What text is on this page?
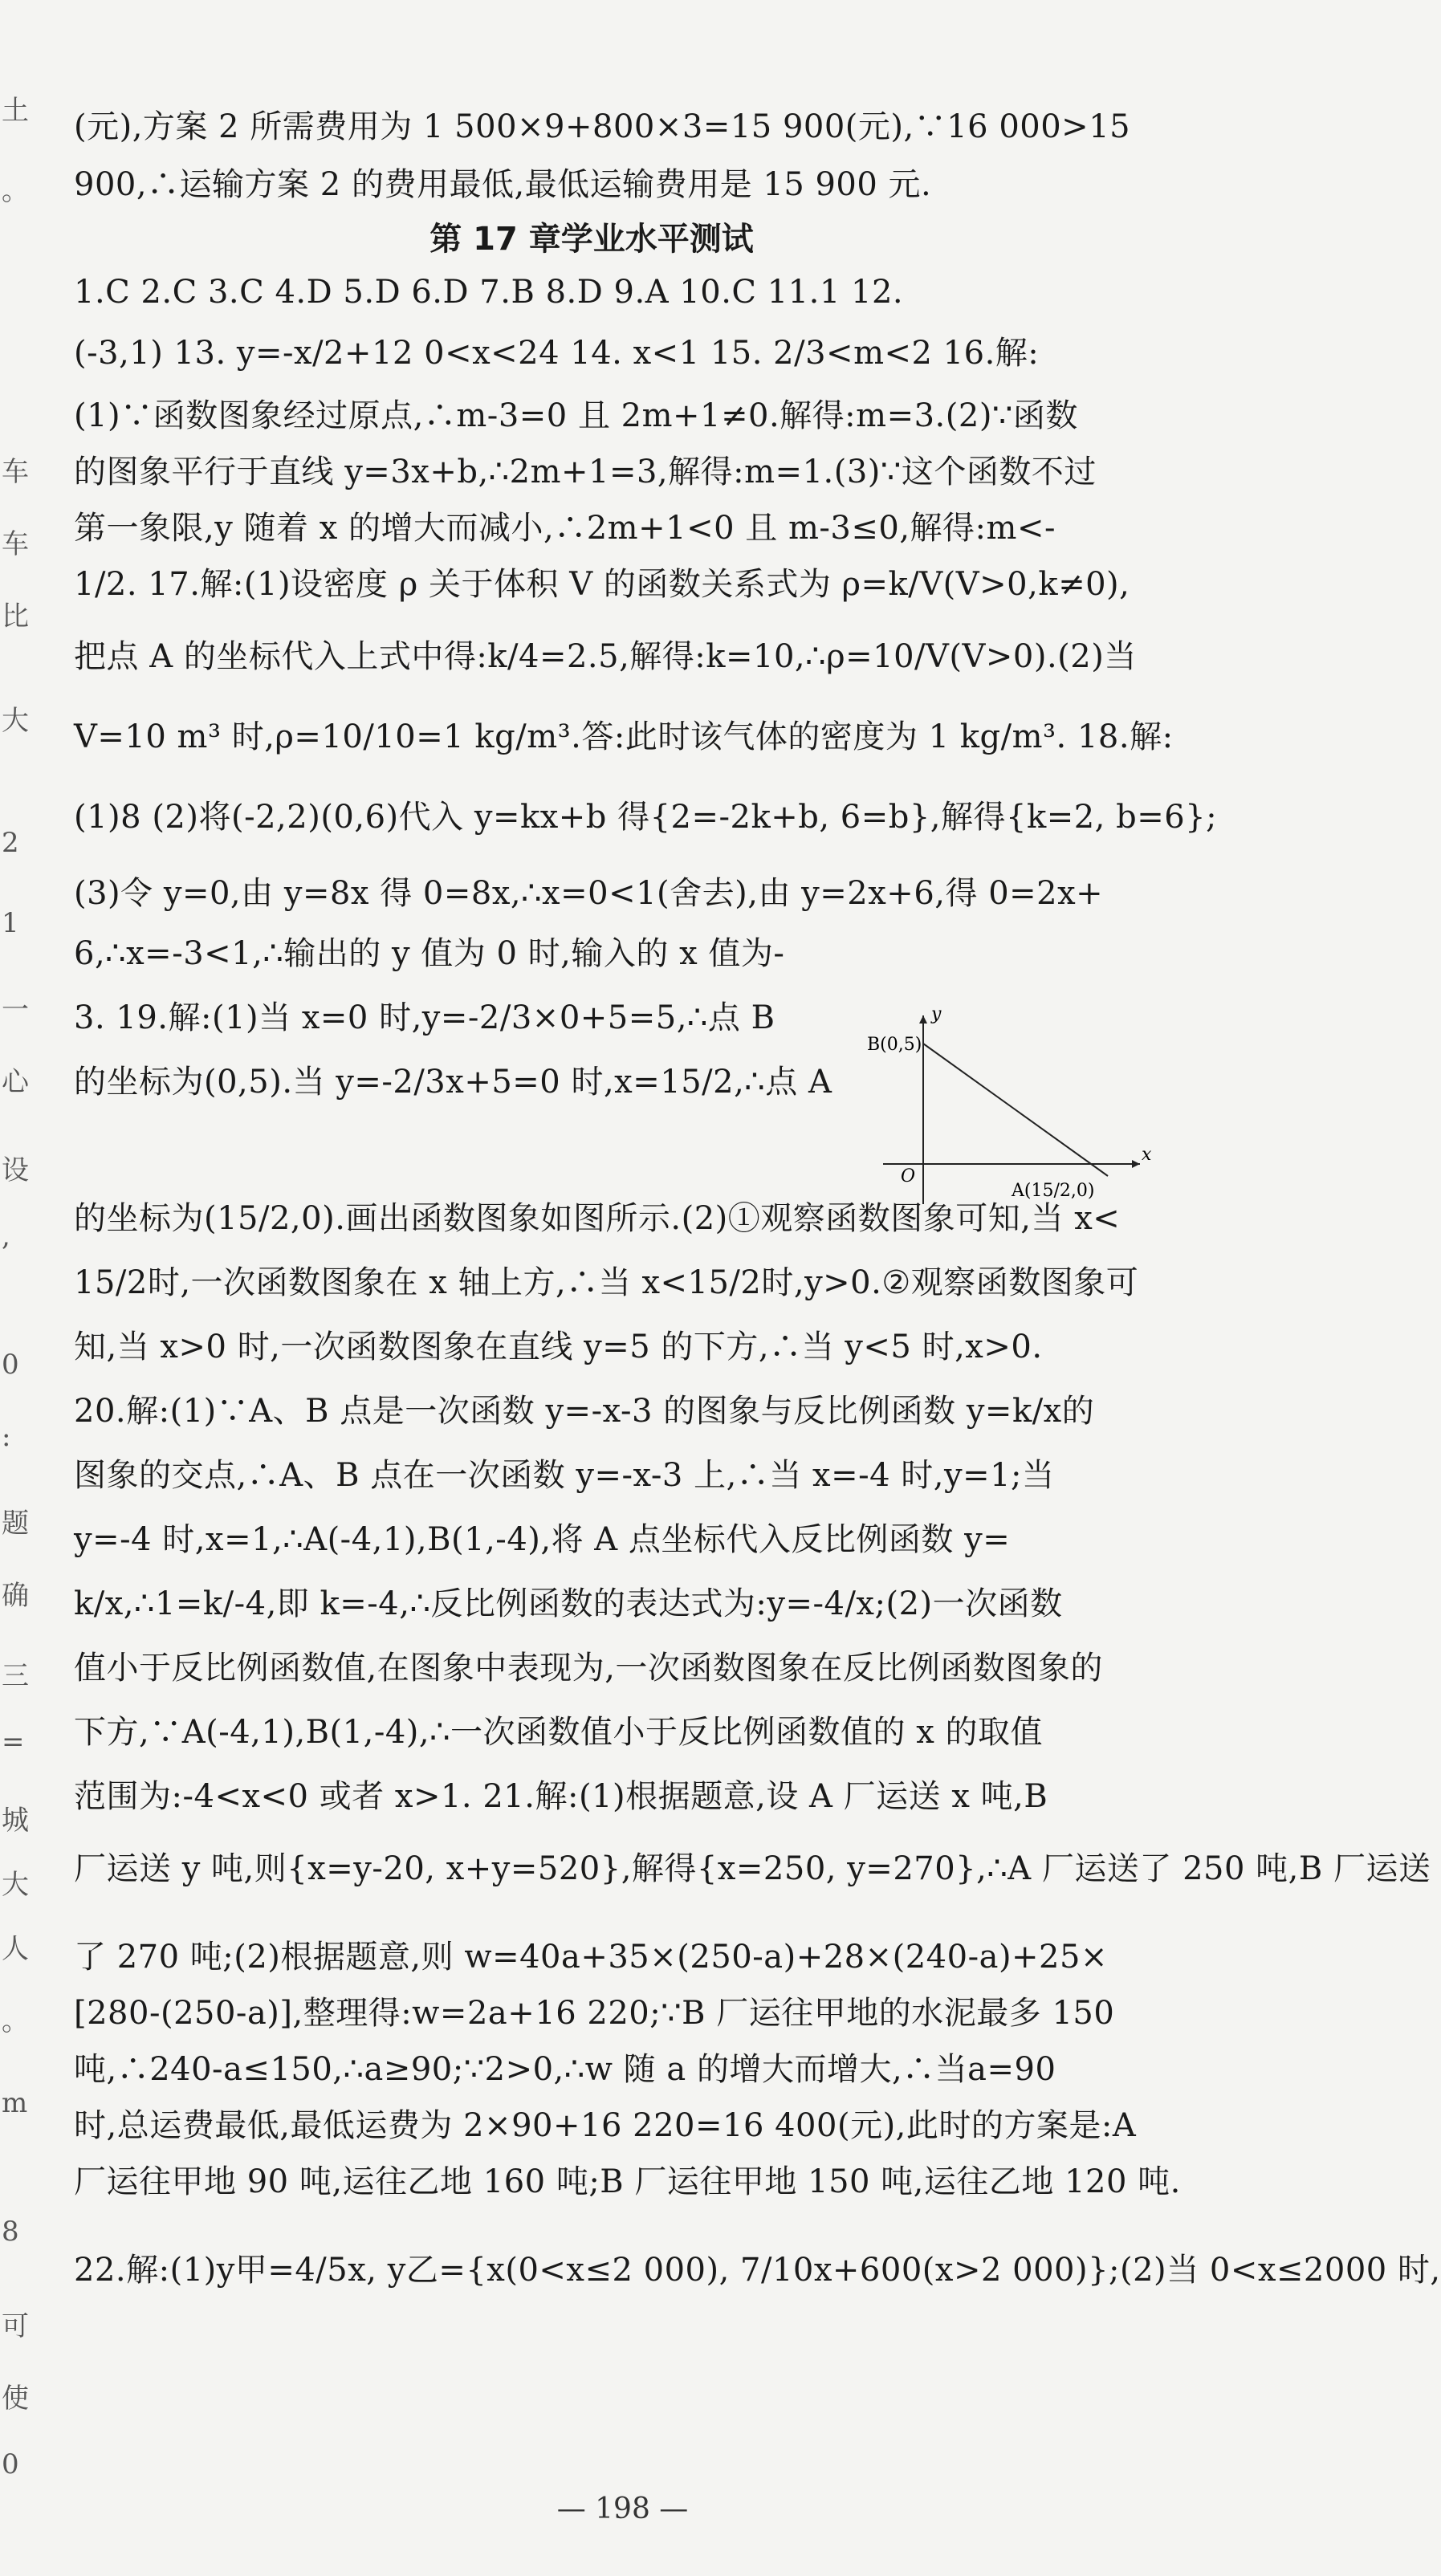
土
。
车
车
比
大
2
1
一
心
设
,
0
:
题
确
三
=
城
大
人
。
m
8
可
使
0
(元),方案 2 所需费用为 1 500×9+800×3=15 900(元),∵16 000>15
900,∴运输方案 2 的费用最低,最低运输费用是 15 900 元.
第 17 章学业水平测试
1.C 2.C 3.C 4.D 5.D 6.D 7.B 8.D 9.A 10.C 11.1 12.
(-3,1) 13. y=-x/2+12 0<x<24 14. x<1 15. 2/3<m<2 16.解:
(1)∵函数图象经过原点,∴m-3=0 且 2m+1≠0.解得:m=3.(2)∵函数
的图象平行于直线 y=3x+b,∴2m+1=3,解得:m=1.(3)∵这个函数不过
第一象限,y 随着 x 的增大而减小,∴2m+1<0 且 m-3≤0,解得:m<-
1/2. 17.解:(1)设密度 ρ 关于体积 V 的函数关系式为 ρ=k/V(V>0,k≠0),
把点 A 的坐标代入上式中得:k/4=2.5,解得:k=10,∴ρ=10/V(V>0).(2)当
V=10 m³ 时,ρ=10/10=1 kg/m³.答:此时该气体的密度为 1 kg/m³. 18.解:
(1)8 (2)将(-2,2)(0,6)代入 y=kx+b 得{2=-2k+b, 6=b},解得{k=2, b=6};
(3)令 y=0,由 y=8x 得 0=8x,∴x=0<1(舍去),由 y=2x+6,得 0=2x+
6,∴x=-3<1,∴输出的 y 值为 0 时,输入的 x 值为-
3. 19.解:(1)当 x=0 时,y=-2/3×0+5=5,∴点 B
的坐标为(0,5).当 y=-2/3x+5=0 时,x=15/2,∴点 A
的坐标为(15/2,0).画出函数图象如图所示.(2)①观察函数图象可知,当 x<
15/2时,一次函数图象在 x 轴上方,∴当 x<15/2时,y>0.②观察函数图象可
知,当 x>0 时,一次函数图象在直线 y=5 的下方,∴当 y<5 时,x>0.
20.解:(1)∵A、B 点是一次函数 y=-x-3 的图象与反比例函数 y=k/x的
图象的交点,∴A、B 点在一次函数 y=-x-3 上,∴当 x=-4 时,y=1;当
y=-4 时,x=1,∴A(-4,1),B(1,-4),将 A 点坐标代入反比例函数 y=
k/x,∴1=k/-4,即 k=-4,∴反比例函数的表达式为:y=-4/x;(2)一次函数
值小于反比例函数值,在图象中表现为,一次函数图象在反比例函数图象的
下方,∵A(-4,1),B(1,-4),∴一次函数值小于反比例函数值的 x 的取值
范围为:-4<x<0 或者 x>1. 21.解:(1)根据题意,设 A 厂运送 x 吨,B
厂运送 y 吨,则{x=y-20, x+y=520},解得{x=250, y=270},∴A 厂运送了 250 吨,B 厂运送
了 270 吨;(2)根据题意,则 w=40a+35×(250-a)+28×(240-a)+25×
[280-(250-a)],整理得:w=2a+16 220;∵B 厂运往甲地的水泥最多 150
吨,∴240-a≤150,∴a≥90;∵2>0,∴w 随 a 的增大而增大,∴当a=90
时,总运费最低,最低运费为 2×90+16 220=16 400(元),此时的方案是:A
厂运往甲地 90 吨,运往乙地 160 吨;B 厂运往甲地 150 吨,运往乙地 120 吨.
22.解:(1)y甲=4/5x, y乙={x(0<x≤2 000), 7/10x+600(x>2 000)};(2)当 0<x≤2000 时,
y
x
O
B(0,5)
A(15/2,0)
— 198 —
